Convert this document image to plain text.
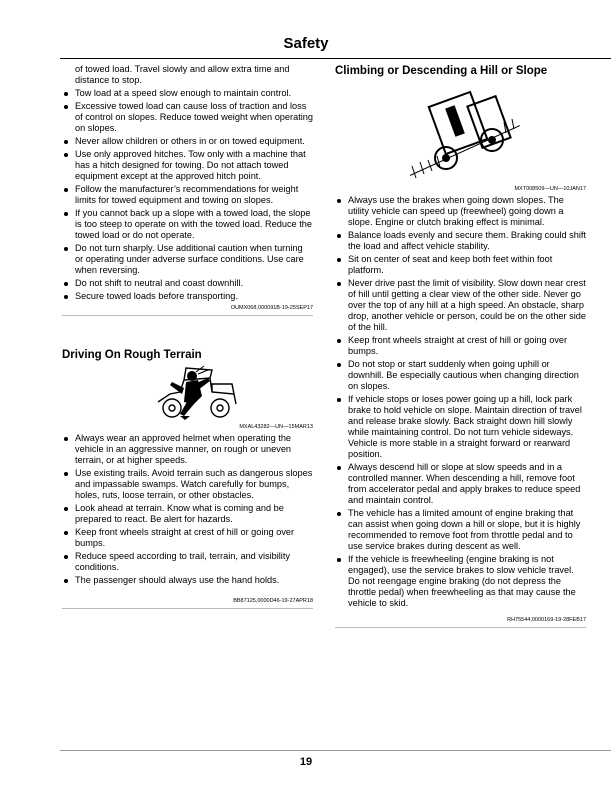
Safety
of towed load. Travel slowly and allow extra time and distance to stop.
Tow load at a speed slow enough to maintain control.
Excessive towed load can cause loss of traction and loss of control on slopes. Reduce towed weight when operating on slopes.
Never allow children or others in or on towed equipment.
Use only approved hitches. Tow only with a machine that has a hitch designed for towing. Do not attach towed equipment except at the approved hitch point.
Follow the manufacturer’s recommendations for weight limits for towed equipment and towing on slopes.
If you cannot back up a slope with a towed load, the slope is too steep to operate on with the towed load. Reduce the towed load or do not operate.
Do not turn sharply. Use additional caution when turning or operating under adverse surface conditions. Use care when reversing.
Do not shift to neutral and coast downhill.
Secure towed loads before transporting.
OUMX068,000091B-19-25SEP17
Driving On Rough Terrain
MXAL43282—UN—15MAR13
Always wear an approved helmet when operating the vehicle in an aggressive manner, on rough or uneven terrain, or at higher speeds.
Use existing trails. Avoid terrain such as dangerous slopes and impassable swamps. Watch carefully for bumps, holes, ruts, loose terrain, or other obstacles.
Look ahead at terrain. Know what is coming and be prepared to react. Be alert for hazards.
Keep front wheels straight at crest of hill or going over bumps.
Reduce speed according to trail, terrain, and visibility conditions.
The passenger should always use the hand holds.
BB87125,0000D46-19-27APR18
Climbing or Descending a Hill or Slope
MXT008509—UN—10JAN17
Always use the brakes when going down slopes. The utility vehicle can speed up (freewheel) going down a slope. Engine or clutch braking effect is minimal.
Balance loads evenly and secure them. Braking could shift the load and affect vehicle stability.
Sit on center of seat and keep both feet within foot platform.
Never drive past the limit of visibility. Slow down near crest of hill until getting a clear view of the other side. Never go over the top of any hill at a high speed. An obstacle, sharp drop, another vehicle or person, could be on the other side of the hill.
Keep front wheels straight at crest of hill or going over bumps.
Do not stop or start suddenly when going uphill or downhill. Be especially cautious when changing direction on slopes.
If vehicle stops or loses power going up a hill, lock park brake to hold vehicle on slope. Maintain direction of travel and release brake slowly. Back straight down hill slowly while maintaining control. Do not turn vehicle sideways. Vehicle is more stable in a straight forward or rearward position.
Always descend hill or slope at slow speeds and in a controlled manner. When descending a hill, remove foot from accelerator pedal and apply brakes to reduce speed and maintain control.
The vehicle has a limited amount of engine braking that can assist when going down a hill or slope, but it is highly recommended to remove foot from throttle pedal and to use service brakes during descent as well.
If the vehicle is freewheeling (engine braking is not engaged), use the service brakes to slow vehicle travel. Do not reengage engine braking (do not depress the throttle pedal) when freewheeling as that may cause the vehicle to skid.
RH75544,0000169-19-28FEB17
19
